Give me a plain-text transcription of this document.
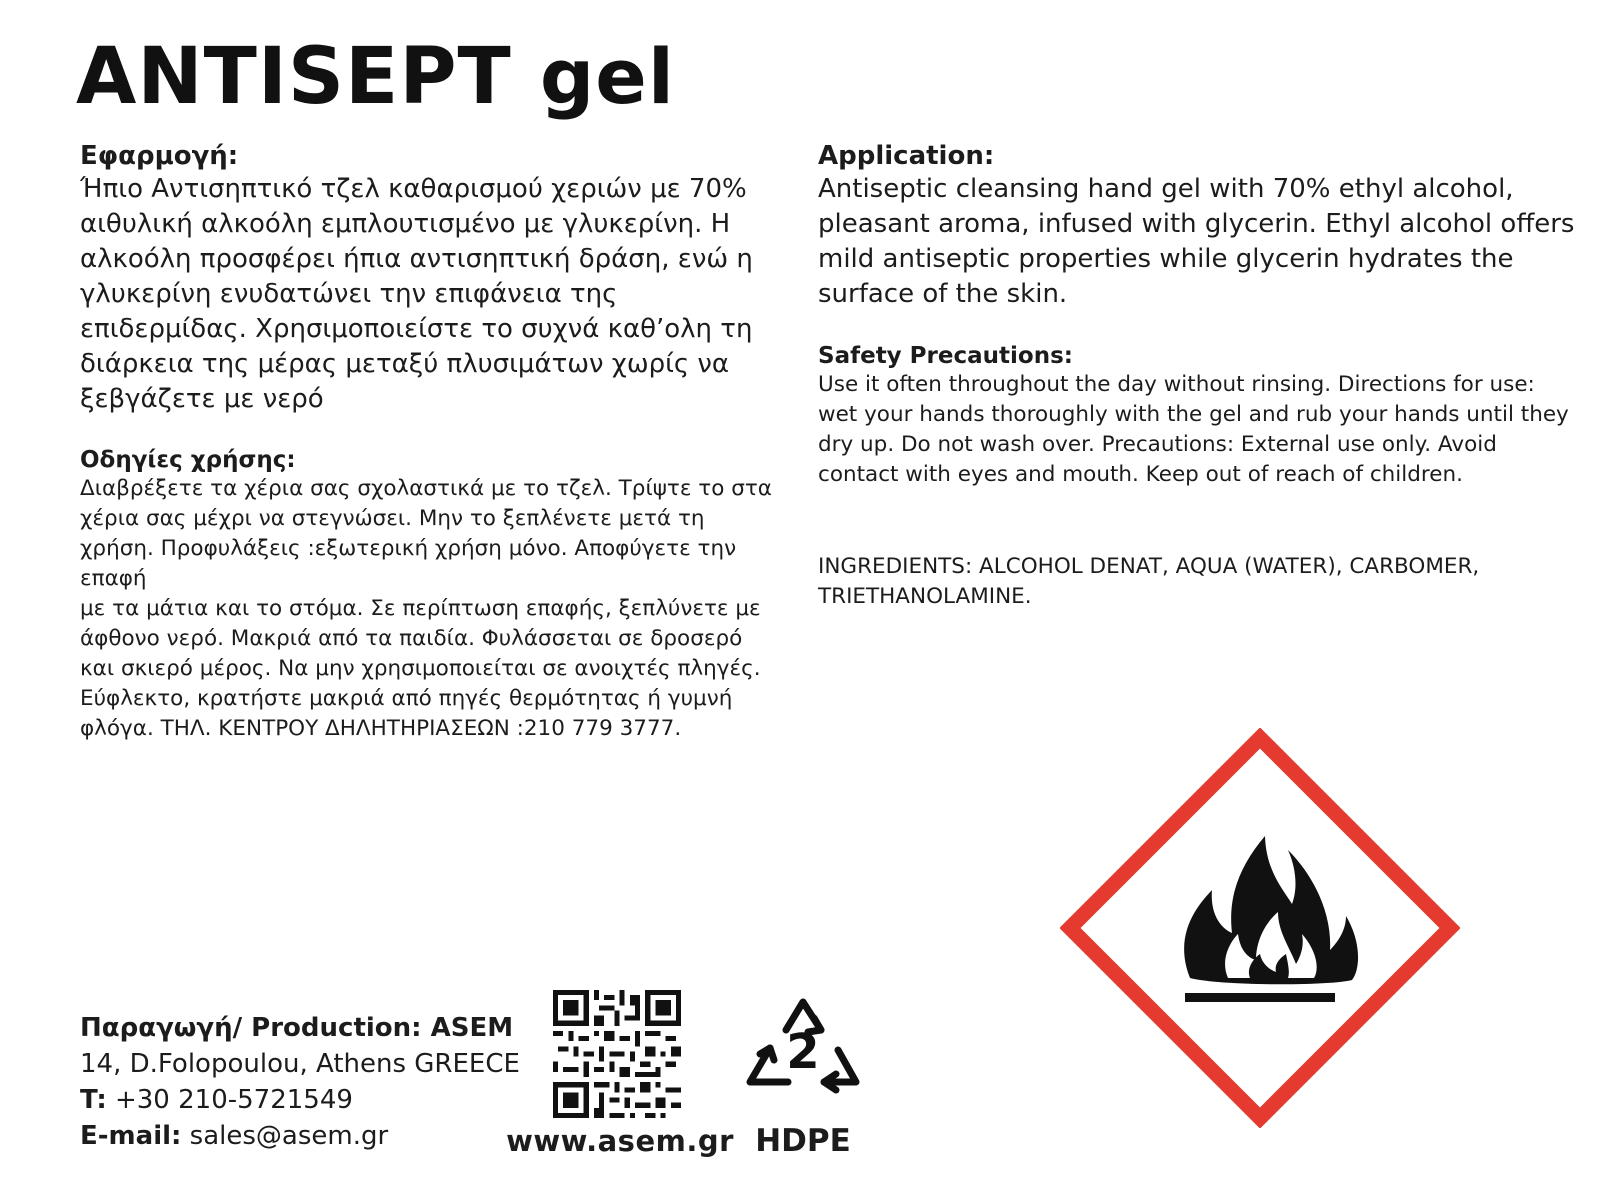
ANTISEPT gel

Εφαρμογή:

Ήπιο Αντισηπτικό τζελ καθαρισμού χεριών με 70% αιθυλική αλκοόλη εμπλουτισμένο με γλυκερίνη. Η αλκοόλη προσφέρει ήπια αντισηπτική δράση, ενώ η γλυκερίνη ενυδατώνει την επιφάνεια της επιδερμίδας. Χρησιμοποιείστε το συχνά καθ’ολη τη διάρκεια της μέρας μεταξύ πλυσιμάτων χωρίς να ξεβγάζετε με νερό

Οδηγίες χρήσης:

Διαβρέξετε τα χέρια σας σχολαστικά με το τζελ. Τρίψτε το στα χέρια σας μέχρι να στεγνώσει. Μην το ξεπλένετε μετά τη χρήση. Προφυλάξεις :εξωτερική χρήση μόνο. Αποφύγετε την επαφή

με τα μάτια και το στόμα. Σε περίπτωση επαφής, ξεπλύνετε με άφθονο νερό. Μακριά από τα παιδία. Φυλάσσεται σε δροσερό και σκιερό μέρος. Να μην χρησιμοποιείται σε ανοιχτές πληγές. Εύφλεκτο, κρατήστε μακριά από πηγές θερμότητας ή γυμνή φλόγα. ΤΗΛ. ΚΕΝΤΡΟΥ ΔΗΛΗΤΗΡΙΑΣΕΩΝ :210 779 3777.

Application:

Antiseptic cleansing hand gel with 70% ethyl alcohol, pleasant aroma, infused with glycerin. Ethyl alcohol offers mild antiseptic properties while glycerin hydrates the surface of the skin.

Safety Precautions:

Use it often throughout the day without rinsing. Directions for use: wet your hands thoroughly with the gel and rub your hands until they dry up. Do not wash over. Precautions: External use only. Avoid contact with eyes and mouth. Keep out of reach of children.

INGREDIENTS: ALCOHOL DENAT, AQUA (WATER), CARBOMER, TRIETHANOLAMINE.

Παραγωγή/ Production: ASEM
14, D.Folopoulou, Athens GREECE
T: +30 210-5721549
E-mail: sales@asem.gr	www.asem.gr
2
HDPE
